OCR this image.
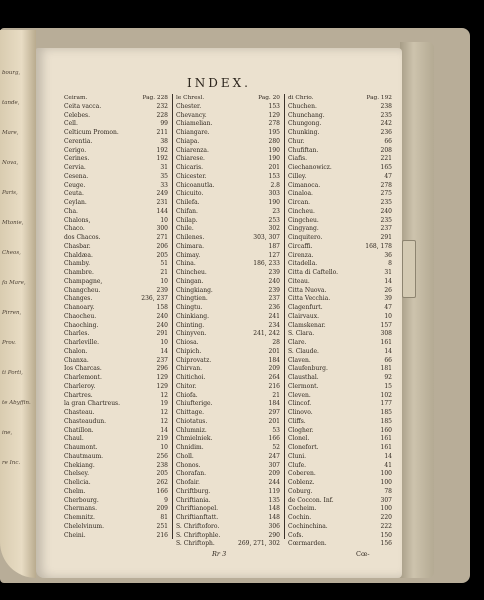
bourg,
tande,
Mare,
Nova,
Paris,
Mtonie,
Cheos,
fa Mare,
Pirren,
Prov.
ti Porti,
te Abyffin.
ine,
re Inc.
INDEX.
Ceiram.	Pag. 228
Ceita vacca.	232
Celebes.	228
Cell.	99
Celticum Promon.	211
Cerentia.	38
Cerigo.	192
Cerines.	192
Cervia.	31
Cesena.	35
Ceuge.	33
Ceuta.	249
Ceylan.	231
Cha.	144
Chalons,	10
Chaco.	300
dos Chacos.	271
Chasbar.	206
Chaldæa.	205
Chamby.	51
Chambre.	21
Champagne,	10
Changcheu.	239
Changes.	236, 237
Chanoary.	158
Chaocheu.	240
Chaoching.	240
Charles.	291
Charleville.	10
Chalon.	14
Chanxa.	237
Ios Charcas.	296
Charlemont.	129
Charleroy.	129
Chartres.	12
la gran Chartreus.	19
Chasteau.	12
Chasteaudun.	12
Chatillon.	14
Chaul.	219
Chaumont.	10
Chautmaum.	256
Chekiang.	238
Chelsey.	205
Chelicia.	262
Chelm.	166
Cherbourg.	9
Chermans.	209
Chemnitz.	81
Chelelvinum.	251
Cheini.	216
le Chresl.	Pag. 20
Chester.	153
Chevancy.	129
Chiamelian.	278
Chiangare.	195
Chiapa.	280
Chiarenza.	190
Chiarese.	190
Chicaris.	201
Chicester.	153
Chicoanutla.	2.8
Chicuito.	303
Chilefa.	190
Chifan.	23
Chilap.	253
Chile.	302
Chilenes.	303, 307
Chimara.	187
Chimay.	127
China.	186, 233
Chincheu.	239
Chingan.	240
Chingkiang.	239
Chingtien.	237
Chingtu.	236
Chinkiang.	241
Chinting.	234
Chinyven.	241, 242
Chiosa.	28
Chipich.	201
Chiprovatz.	184
Chirvan.	209
Chitichoi.	264
Chitor.	216
Chiofa.	21
Chiufterige.	184
Chittage.	297
Chiotatus.	201
Chlumniz.	53
Chmielniek.	166
Chnidim.	52
Choll.	247
Chonos.	307
Chorafan.	209
Chofair.	244
Chriftburg.	119
Chriftiania.	135
Chriftianopel.	148
Chriftianftatt.	148
S. Chriftoforo.	306
S. Chriftophle.	290
S. Chriftoph.	269, 271, 302
di Chrio.	Pag. 192
Chuchen.	238
Chunchang.	235
Chungong.	242
Chunking.	236
Chur.	66
Chufiftan.	208
Ciafis.	221
Ciechanowicz.	165
Cilley.	47
Cimanoca.	278
Cinaloa.	275
Circan.	235
Cincheu.	240
Cingcheu.	235
Cingyang.	237
Cinquitero.	291
Circaffi.	168, 178
Cirenza.	36
Citadella.	8
Citta di Caftello.	31
Citeau.	14
Citta Nuova.	26
Citta Vecchia.	39
Clagenfurt.	47
Clairvaux.	10
Clamskenar.	157
S. Clara.	308
Clare.	161
S. Claude.	14
Claven.	66
Claufenburg.	181
Clausthal.	92
Clermont.	15
Cleven.	102
Clincof.	177
Clinovo.	185
Cliffs.	185
Clogher.	160
Clonel.	161
Clonefort.	161
Cluni.	14
Clufe.	41
Coberen.	100
Coblenz.	100
Coburg.	78
de Coccon. Inf.	307
Cocheim.	100
Cochin.	220
Cochinchina.	222
Cofs.	150
Cœrmarden.	156
Rr 3	Cœ-
